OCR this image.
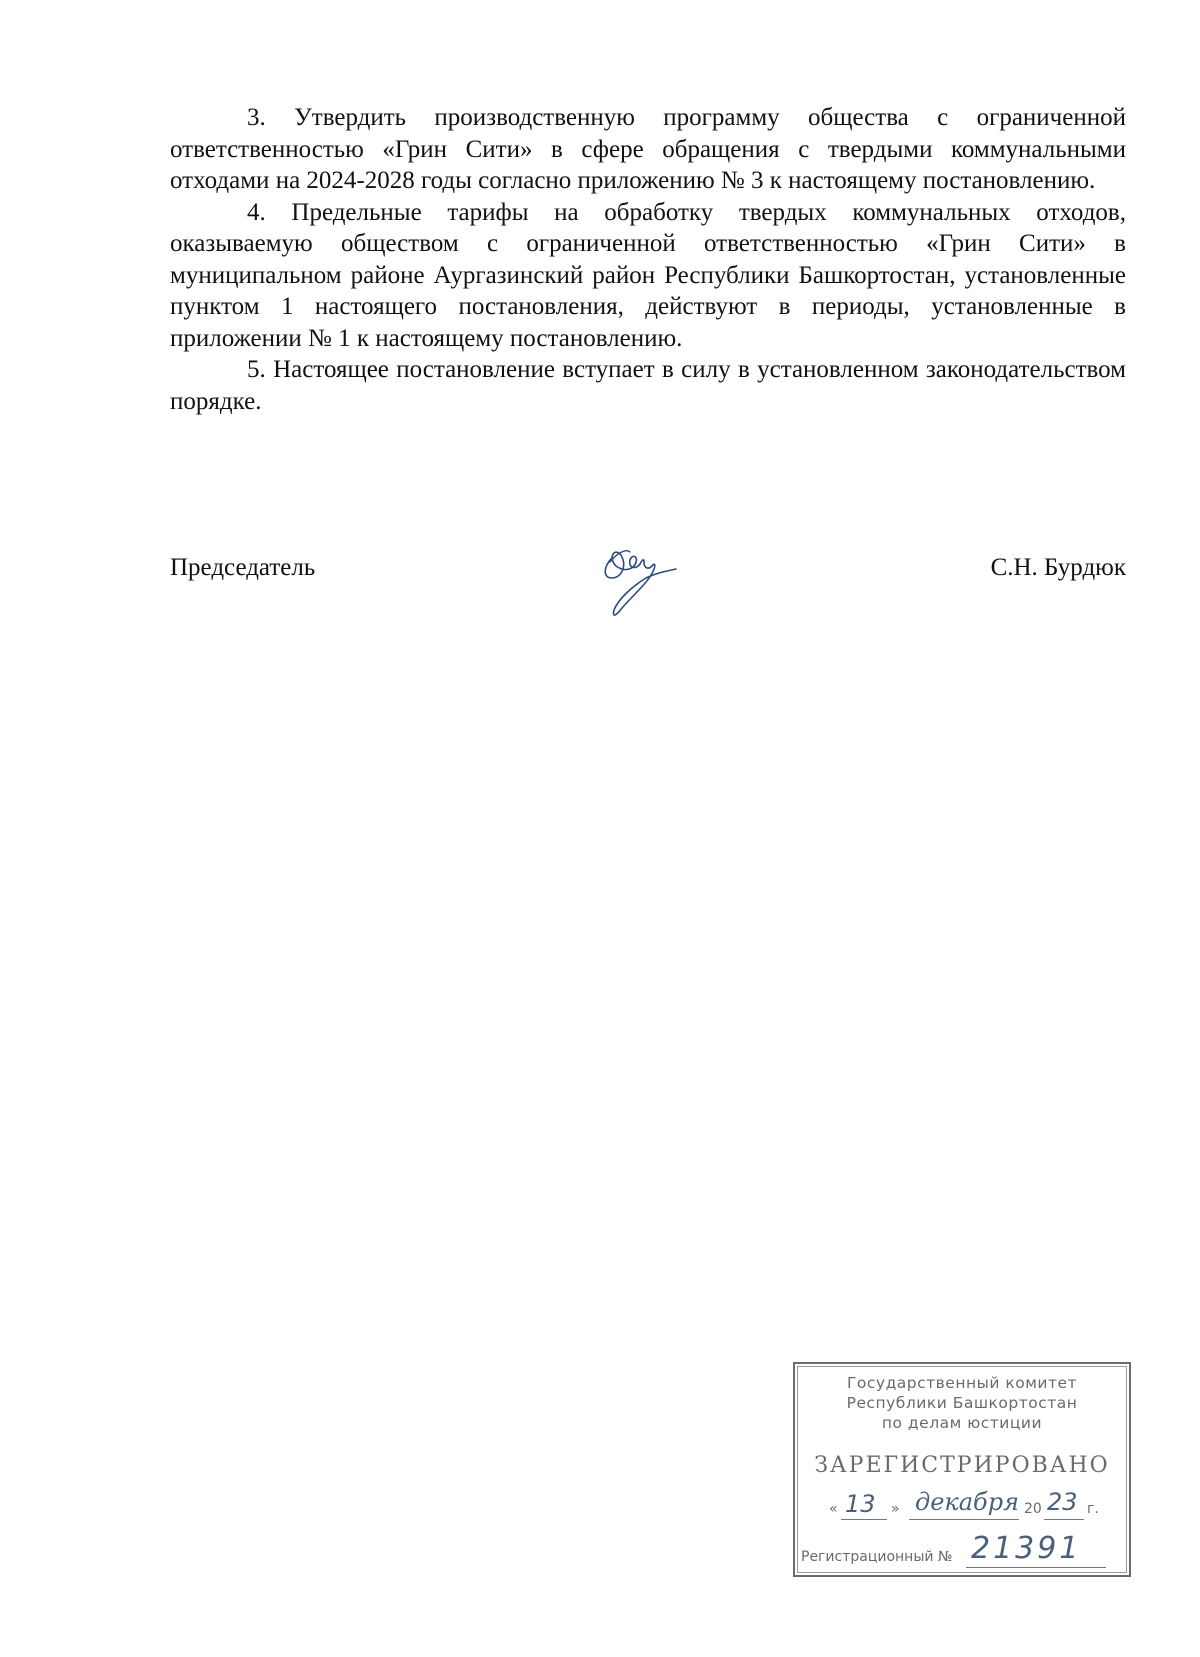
3. Утвердить производственную программу общества с ограниченной ответственностью «Грин Сити» в сфере обращения с твердыми коммунальными отходами на 2024-2028 годы согласно приложению № 3 к настоящему постановлению.

4. Предельные тарифы на обработку твердых коммунальных отходов, оказываемую обществом с ограниченной ответственностью «Грин Сити» в муниципальном районе Аургазинский район Республики Башкортостан, установленные пунктом 1 настоящего постановления, действуют в периоды, установленные в приложении № 1 к настоящему постановлению.

5. Настоящее постановление вступает в силу в установленном законодательством порядке.

Председатель	С.Н. Бурдюк
Государственный комитет
Республики Башкортостан
по делам юстиции
ЗАРЕГИСТРИРОВАНО
« 13 » декабря 20 23 г.
Регистрационный № 21391
